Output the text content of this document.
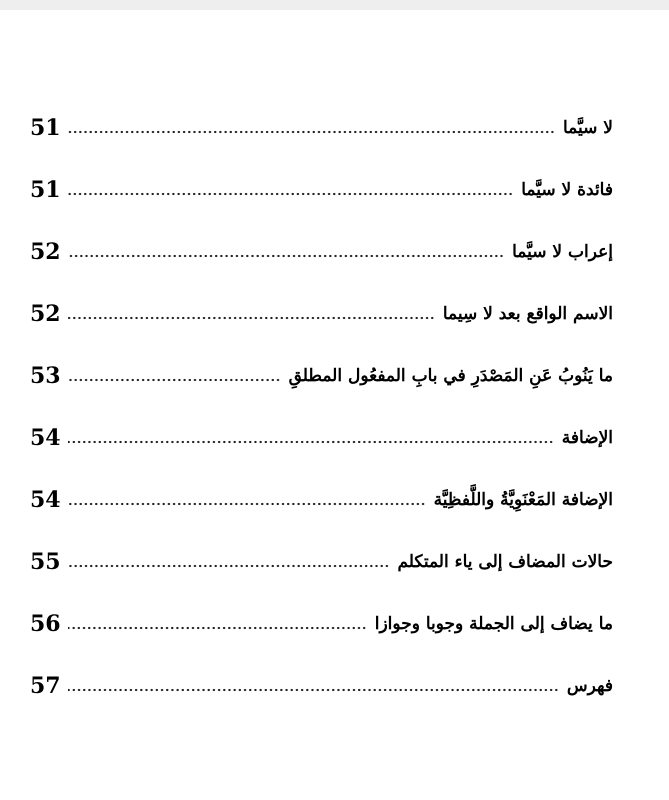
51	لا سيَّما
51	فائدة لا سيَّما
52	إعراب لا سيَّما
52	الاسم الواقع بعد لا سِيما
53	ما يَنُوبُ عَنِ المَصْدَرِ في بابِ المفعُول المطلقِ
54	الإضافة
54	الإضافة المَعْنَوِيَّةُ واللَّفظِيَّة
55	حالات المضاف إلى ياء المتكلم
56	ما يضاف إلى الجملة وجوبا وجوازا
57	فهرس
